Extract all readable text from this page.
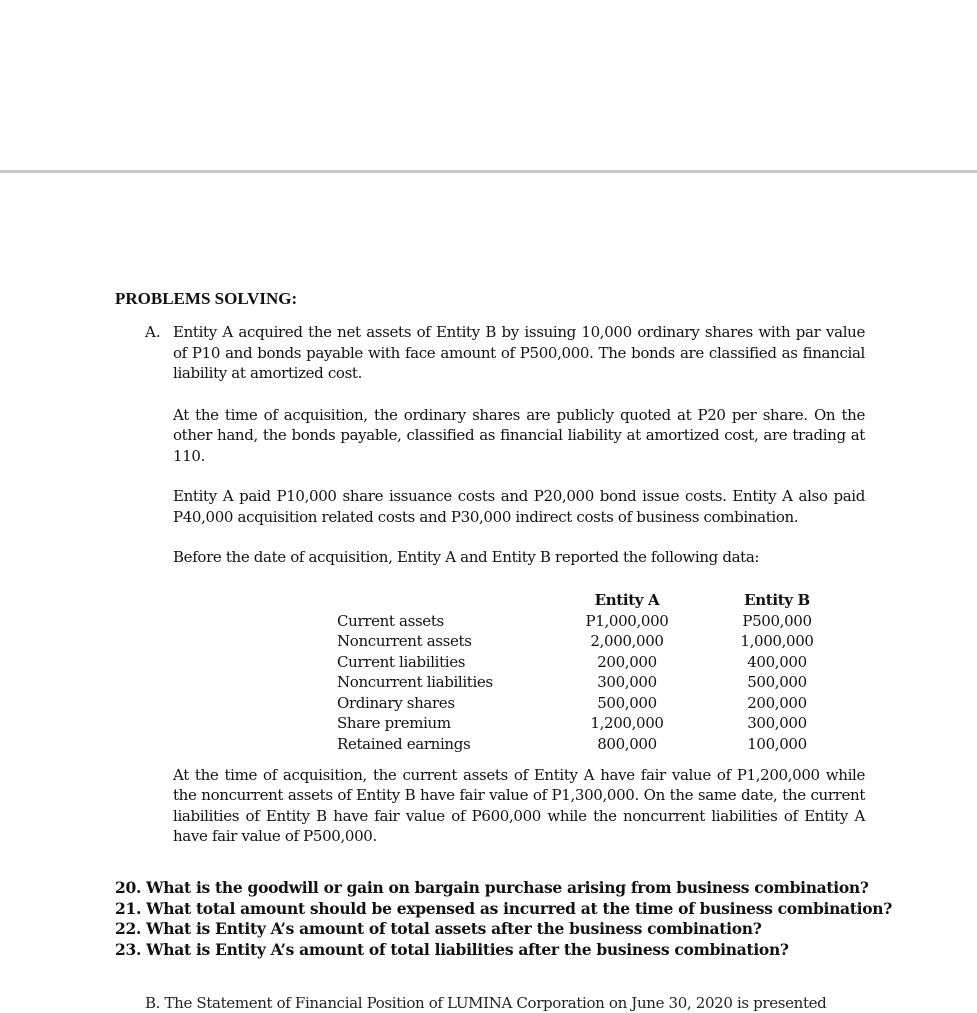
PROBLEMS SOLVING:
A. Entity A acquired the net assets of Entity B by issuing 10,000 ordinary shares with par value of P10 and bonds payable with face amount of P500,000. The bonds are classified as financial liability at amortized cost.

At the time of acquisition, the ordinary shares are publicly quoted at P20 per share. On the other hand, the bonds payable, classified as financial liability at amortized cost, are trading at 110.

Entity A paid P10,000 share issuance costs and P20,000 bond issue costs. Entity A also paid P40,000 acquisition related costs and P30,000 indirect costs of business combination.

Before the date of acquisition, Entity A and Entity B reported the following data:

At the time of acquisition, the current assets of Entity A have fair value of P1,200,000 while the noncurrent assets of Entity B have fair value of P1,300,000. On the same date, the current liabilities of Entity B have fair value of P600,000 while the noncurrent liabilities of Entity A have fair value of P500,000.

	Entity A		Entity B
Current assets	P1,000,000		P500,000
Noncurrent assets	2,000,000		1,000,000
Current liabilities	200,000		400,000
Noncurrent liabilities	300,000		500,000
Ordinary shares	500,000		200,000
Share premium	1,200,000		300,000
Retained earnings	800,000		100,000

20. What is the goodwill or gain on bargain purchase arising from business combination?

21. What total amount should be expensed as incurred at the time of business combination?

22. What is Entity A’s amount of total assets after the business combination?

23. What is Entity A’s amount of total liabilities after the business combination?

B. The Statement of Financial Position of LUMINA Corporation on June 30, 2020 is presented
